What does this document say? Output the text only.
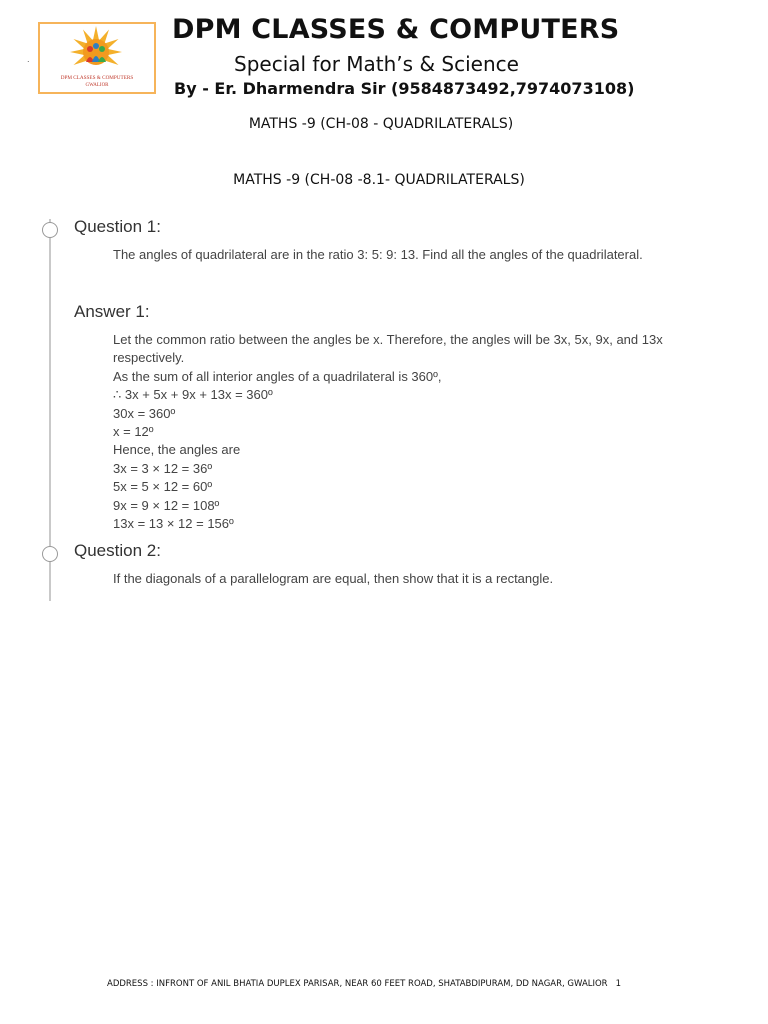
DPM CLASSES & COMPUTERS
GWALIOR
.
DPM CLASSES & COMPUTERS
Special for Math’s & Science
By - Er. Dharmendra Sir (9584873492,7974073108)
MATHS -9 (CH-08 - QUADRILATERALS)
MATHS -9 (CH-08 -8.1- QUADRILATERALS)
Question 1:
The angles of quadrilateral are in the ratio 3: 5: 9: 13. Find all the angles of the quadrilateral.
Answer 1:
Let the common ratio between the angles be x. Therefore, the angles will be 3x, 5x, 9x, and 13x
respectively.
As the sum of all interior angles of a quadrilateral is 360º,
∴ 3x + 5x + 9x + 13x = 360º
30x = 360º
x = 12º
Hence, the angles are
3x = 3 × 12 = 36º
5x = 5 × 12 = 60º
9x = 9 × 12 = 108º
13x = 13 × 12 = 156º
Question 2:
If the diagonals of a parallelogram are equal, then show that it is a rectangle.
ADDRESS : INFRONT OF ANIL BHATIA DUPLEX PARISAR, NEAR 60 FEET ROAD, SHATABDIPURAM, DD NAGAR, GWALIOR 1
